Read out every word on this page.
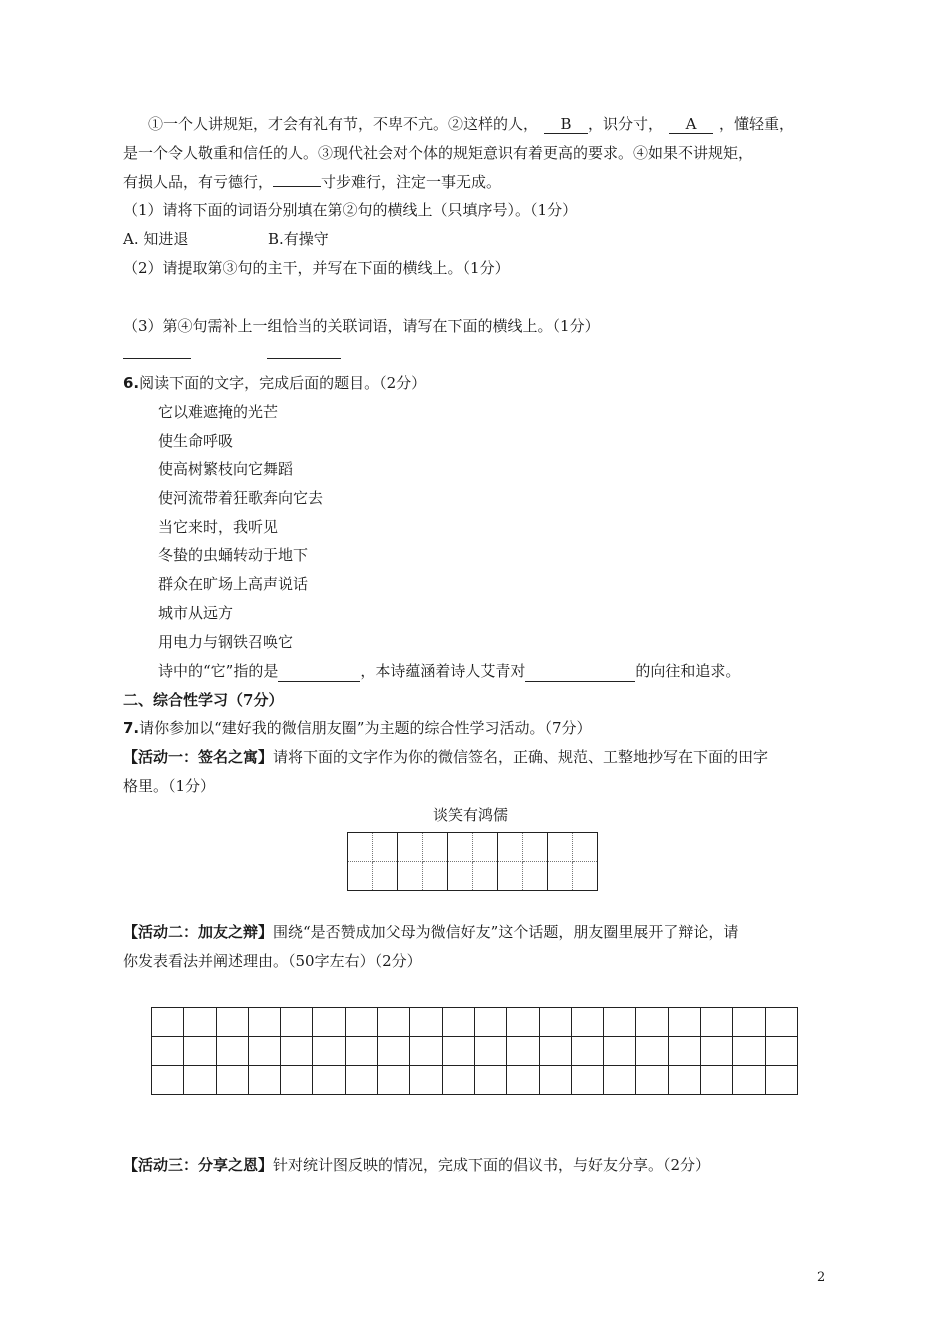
①一个人讲规矩，才会有礼有节，不卑不亢。②这样的人， B ，识分寸， A ，懂轻重，
是一个令人敬重和信任的人。③现代社会对个体的规矩意识有着更高的要求。④如果不讲规矩，
有损人品，有亏德行，	寸步难行，注定一事无成。
（1）请将下面的词语分别填在第②句的横线上（只填序号）。（1分）
A. 知进退	B.有操守
（2）请提取第③句的主干，并写在下面的横线上。（1分）
（3）第④句需补上一组恰当的关联词语，请写在下面的横线上。（1分）
6.阅读下面的文字，完成后面的题目。（2分）
它以难遮掩的光芒
使生命呼吸
使高树繁枝向它舞蹈
使河流带着狂歌奔向它去
当它来时，我听见
冬蛰的虫蛹转动于地下
群众在旷场上高声说话
城市从远方
用电力与钢铁召唤它
诗中的“它”指的是	，本诗蕴涵着诗人艾青对	的向往和追求。
二、综合性学习（7分）
7.请你参加以“建好我的微信朋友圈”为主题的综合性学习活动。（7分）
【活动一：签名之寓】请将下面的文字作为你的微信签名，正确、规范、工整地抄写在下面的田字
格里。（1分）
谈笑有鸿儒

【活动二：加友之辩】围绕“是否赞成加父母为微信好友”这个话题，朋友圈里展开了辩论，请
你发表看法并阐述理由。（50字左右）（2分）

【活动三：分享之恩】针对统计图反映的情况，完成下面的倡议书，与好友分享。（2分）
2
